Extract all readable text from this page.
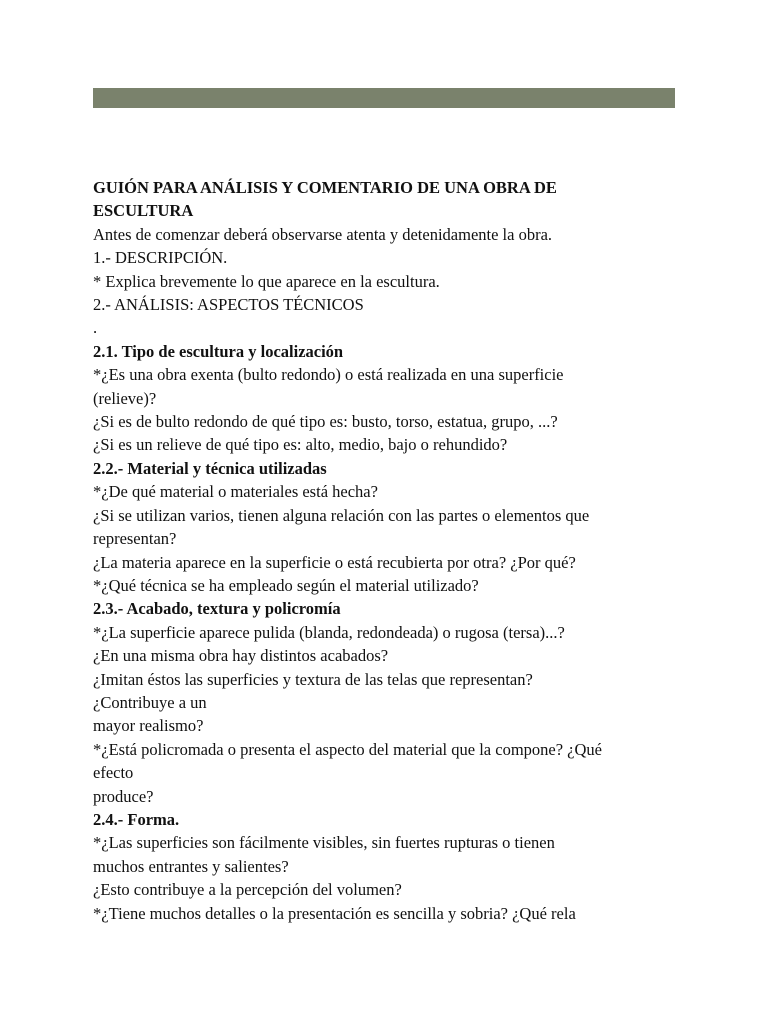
GUIÓN PARA ANÁLISIS Y COMENTARIO DE UNA OBRA DE
ESCULTURA
Antes de comenzar deberá observarse atenta y detenidamente la obra.
1.- DESCRIPCIÓN.
* Explica brevemente lo que aparece en la escultura.
2.- ANÁLISIS: ASPECTOS TÉCNICOS
.
2.1. Tipo de escultura y localización
*¿Es una obra exenta (bulto redondo) o está realizada en una superficie
(relieve)?
¿Si es de bulto redondo de qué tipo es: busto, torso, estatua, grupo, ...?
¿Si es un relieve de qué tipo es: alto, medio, bajo o rehundido?
2.2.- Material y técnica utilizadas
*¿De qué material o materiales está hecha?
¿Si se utilizan varios, tienen alguna relación con las partes o elementos que
representan?
¿La materia aparece en la superficie o está recubierta por otra? ¿Por qué?
*¿Qué técnica se ha empleado según el material utilizado?
2.3.- Acabado, textura y policromía
*¿La superficie aparece pulida (blanda, redondeada) o rugosa (tersa)...?
¿En una misma obra hay distintos acabados?
¿Imitan éstos las superficies y textura de las telas que representan?
¿Contribuye a un
mayor realismo?
*¿Está policromada o presenta el aspecto del material que la compone? ¿Qué
efecto
produce?
2.4.- Forma.
*¿Las superficies son fácilmente visibles, sin fuertes rupturas o tienen
muchos entrantes y salientes?
¿Esto contribuye a la percepción del volumen?
*¿Tiene muchos detalles o la presentación es sencilla y sobria? ¿Qué rela
